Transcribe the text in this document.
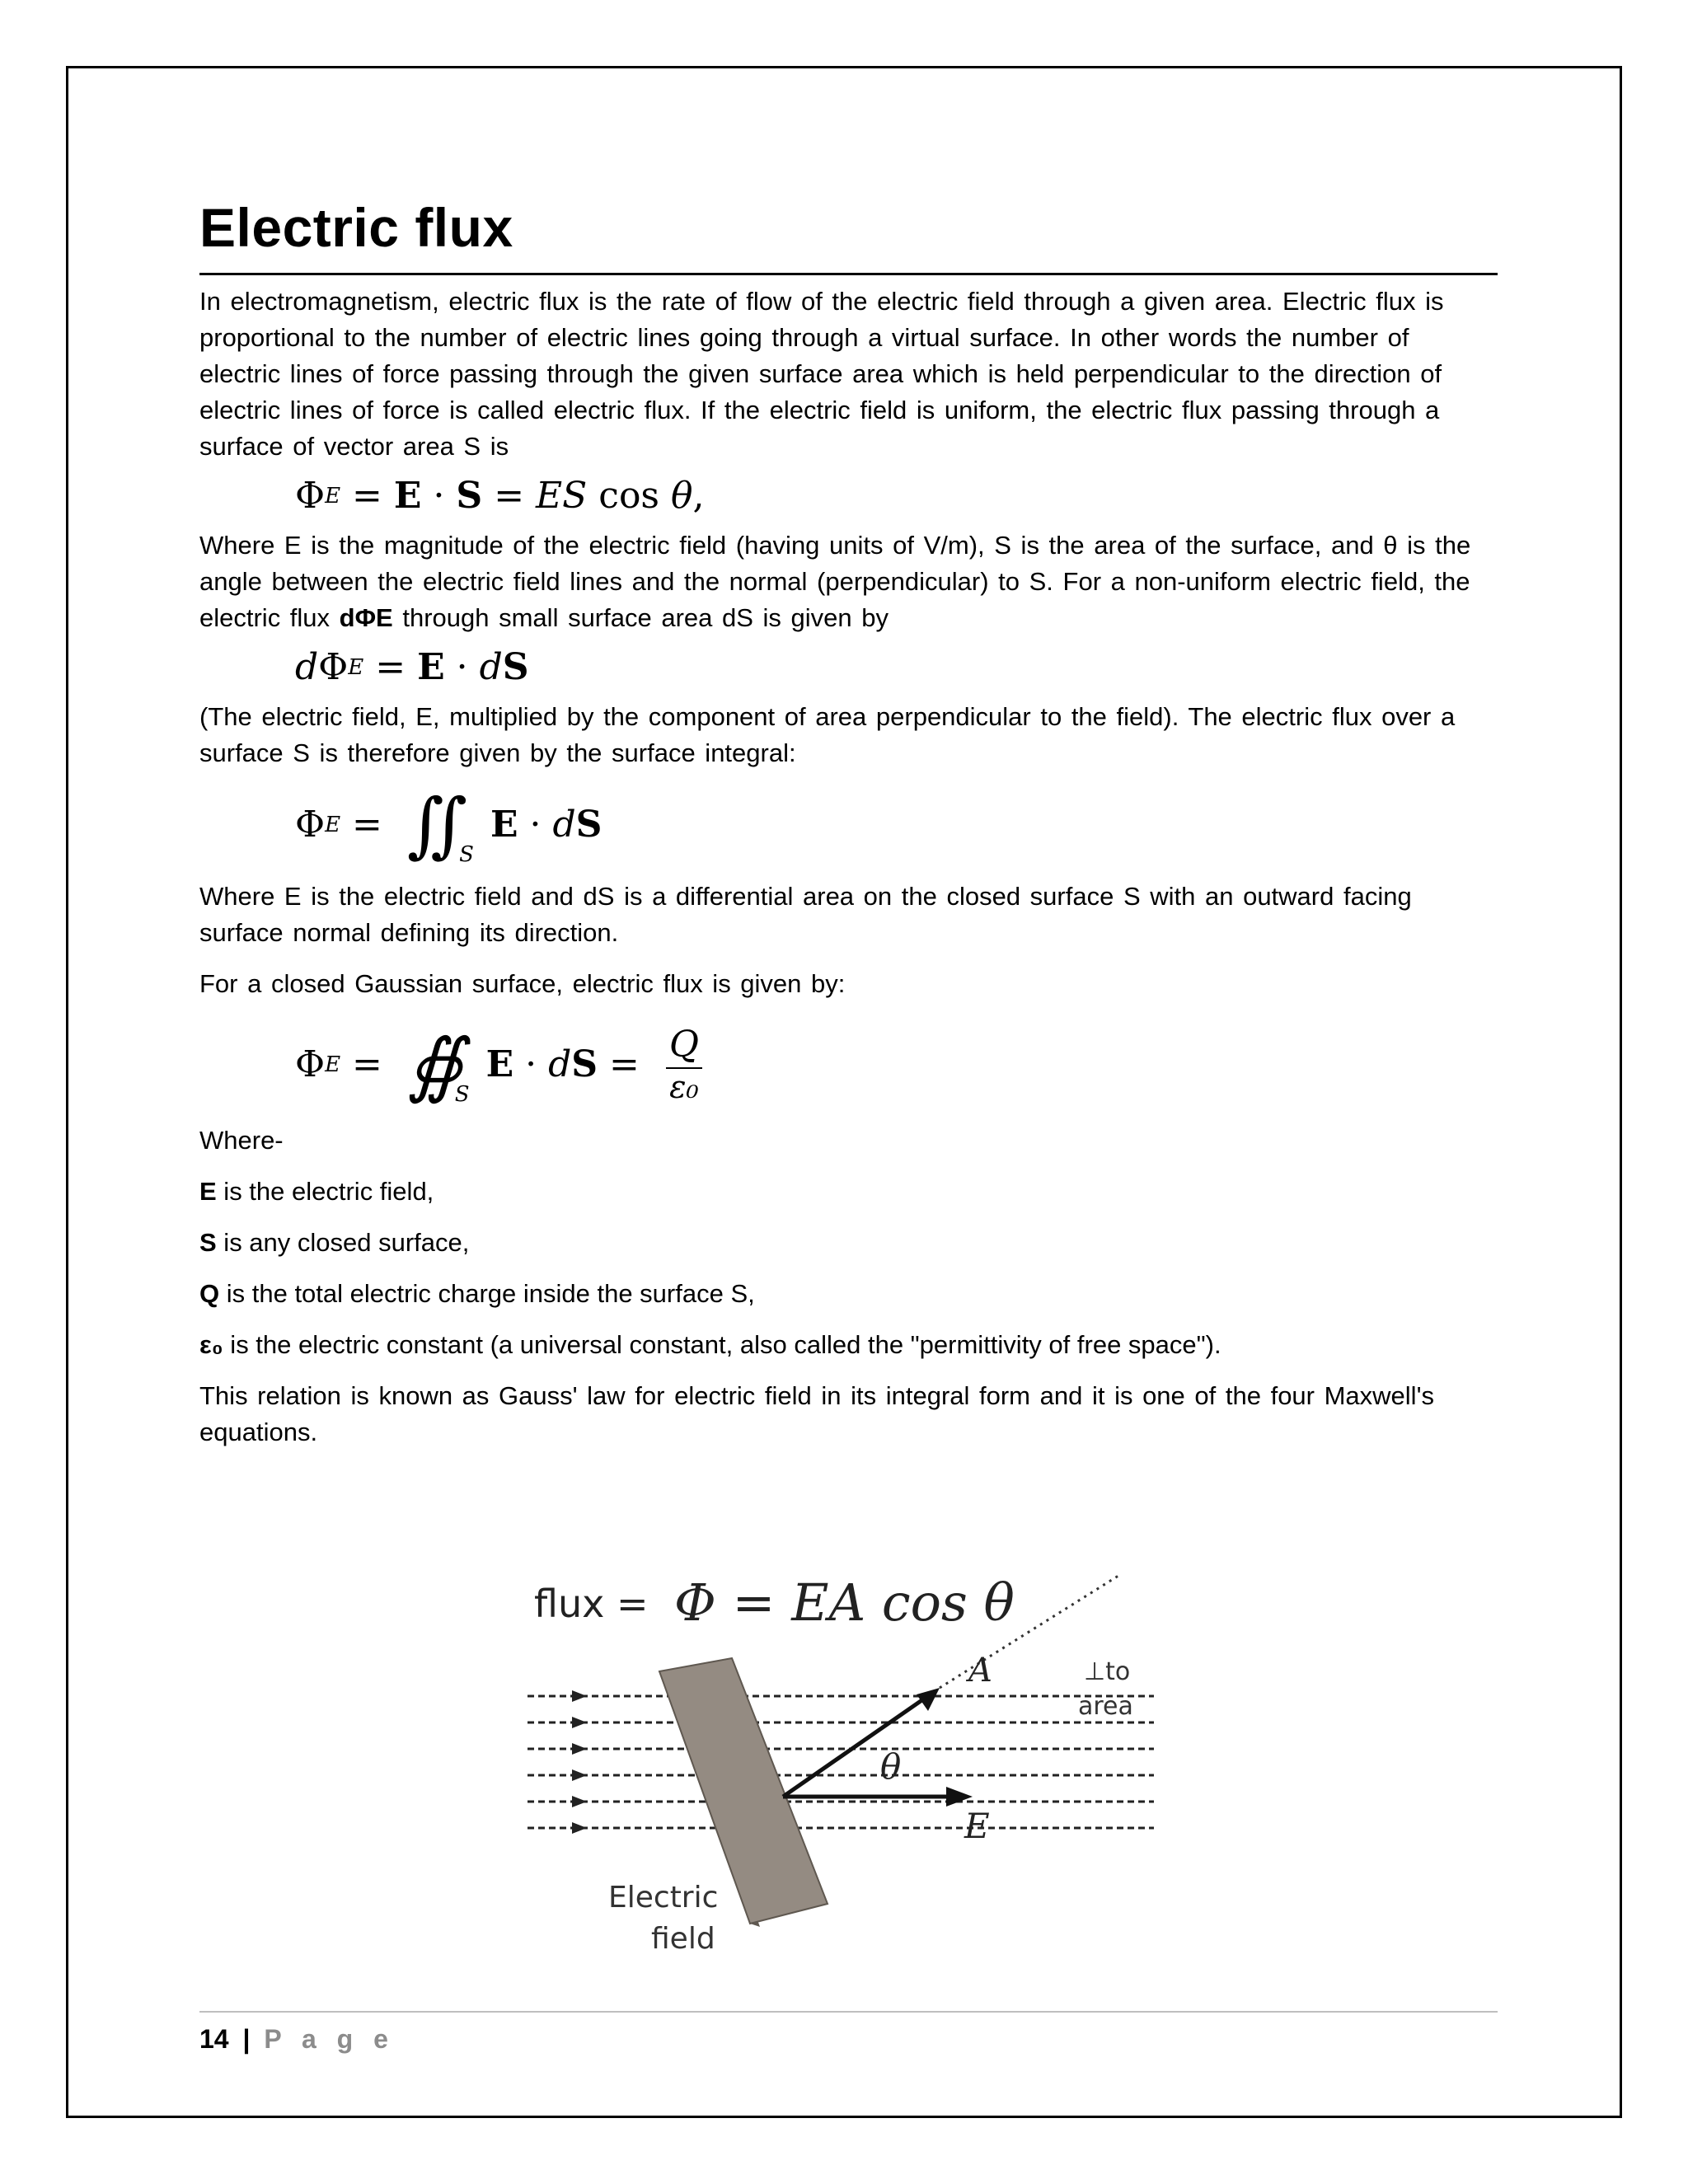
Electric flux

In electromagnetism, electric flux is the rate of flow of the electric field through a given area. Electric flux is proportional to the number of electric lines going through a virtual surface. In other words the number of electric lines of force passing through the given surface area which is held perpendicular to the direction of electric lines of force is called electric flux. If the electric field is uniform, the electric flux passing through a surface of vector area S is

Φ E = E · S = ES cos θ ,

Where E is the magnitude of the electric field (having units of V/m), S is the area of the surface, and θ is the angle between the electric field lines and the normal (perpendicular) to S. For a non-uniform electric field, the electric flux dΦE through small surface area dS is given by

d Φ E = E · d S

(The electric field, E, multiplied by the component of area perpendicular to the field). The electric flux over a surface S is therefore given by the surface integral:

Φ E = ∬ S
E · d S

Where E is the electric field and dS is a differential area on the closed surface S with an outward facing surface normal defining its direction.

For a closed Gaussian surface, electric flux is given by:

Φ E = ∯ S
E · d $S = \frac{Q}{\text{ε₀}}$

Where-

E is the electric field,
S is any closed surface,
Q is the total electric charge inside the surface S,
ε₀ is the electric constant (a universal constant, also called the "permittivity of free space").

This relation is known as Gauss' law for electric field in its integral form and it is one of the four Maxwell's equations.

flux = Φ = EA cos θ
A	⊥to
area
θ
E
Electric
field
14 | P a g e
